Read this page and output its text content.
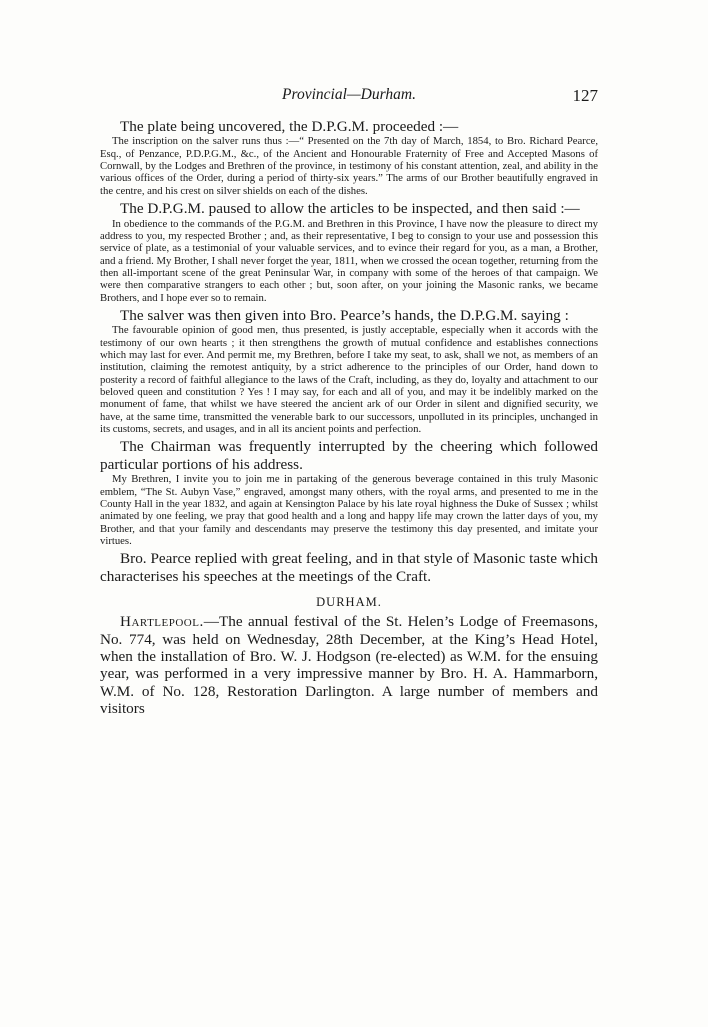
Provincial—Durham.	127

The plate being uncovered, the D.P.G.M. proceeded :—

The inscription on the salver runs thus :—“ Presented on the 7th day of March, 1854, to Bro. Richard Pearce, Esq., of Penzance, P.D.P.G.M., &c., of the Ancient and Honourable Fraternity of Free and Accepted Masons of Cornwall, by the Lodges and Brethren of the province, in testimony of his constant attention, zeal, and ability in the various offices of the Order, during a period of thirty-six years.” The arms of our Brother beautifully engraved in the centre, and his crest on silver shields on each of the dishes.

The D.P.G.M. paused to allow the articles to be inspected, and then said :—

In obedience to the commands of the P.G.M. and Brethren in this Province, I have now the pleasure to direct my address to you, my respected Brother ; and, as their representative, I beg to consign to your use and possession this service of plate, as a testimonial of your valuable services, and to evince their regard for you, as a man, a Brother, and a friend. My Brother, I shall never forget the year, 1811, when we crossed the ocean together, returning from the then all-important scene of the great Peninsular War, in company with some of the heroes of that campaign. We were then comparative strangers to each other ; but, soon after, on your joining the Masonic ranks, we became Brothers, and I hope ever so to remain.

The salver was then given into Bro. Pearce’s hands, the D.P.G.M. saying :

The favourable opinion of good men, thus presented, is justly acceptable, especially when it accords with the testimony of our own hearts ; it then strengthens the growth of mutual confidence and establishes connections which may last for ever. And permit me, my Brethren, before I take my seat, to ask, shall we not, as members of an institution, claiming the remotest antiquity, by a strict adherence to the principles of our Order, hand down to posterity a record of faithful allegiance to the laws of the Craft, including, as they do, loyalty and attachment to our beloved queen and constitution ? Yes ! I may say, for each and all of you, and may it be indelibly marked on the monument of fame, that whilst we have steered the ancient ark of our Order in silent and dignified security, we have, at the same time, transmitted the venerable bark to our successors, unpolluted in its principles, unchanged in its customs, secrets, and usages, and in all its ancient points and perfection.

The Chairman was frequently interrupted by the cheering which followed particular portions of his address.

My Brethren, I invite you to join me in partaking of the generous beverage contained in this truly Masonic emblem, “The St. Aubyn Vase,” engraved, amongst many others, with the royal arms, and presented to me in the County Hall in the year 1832, and again at Kensington Palace by his late royal highness the Duke of Sussex ; whilst animated by one feeling, we pray that good health and a long and happy life may crown the latter days of you, my Brother, and that your family and descendants may preserve the testimony this day presented, and imitate your virtues.

Bro. Pearce replied with great feeling, and in that style of Masonic taste which characterises his speeches at the meetings of the Craft.

DURHAM.

Hartlepool.—The annual festival of the St. Helen’s Lodge of Freemasons, No. 774, was held on Wednesday, 28th December, at the King’s Head Hotel, when the installation of Bro. W. J. Hodgson (re-elected) as W.M. for the ensuing year, was performed in a very impressive manner by Bro. H. A. Hammarborn, W.M. of No. 128, Restoration Darlington. A large number of members and visitors
